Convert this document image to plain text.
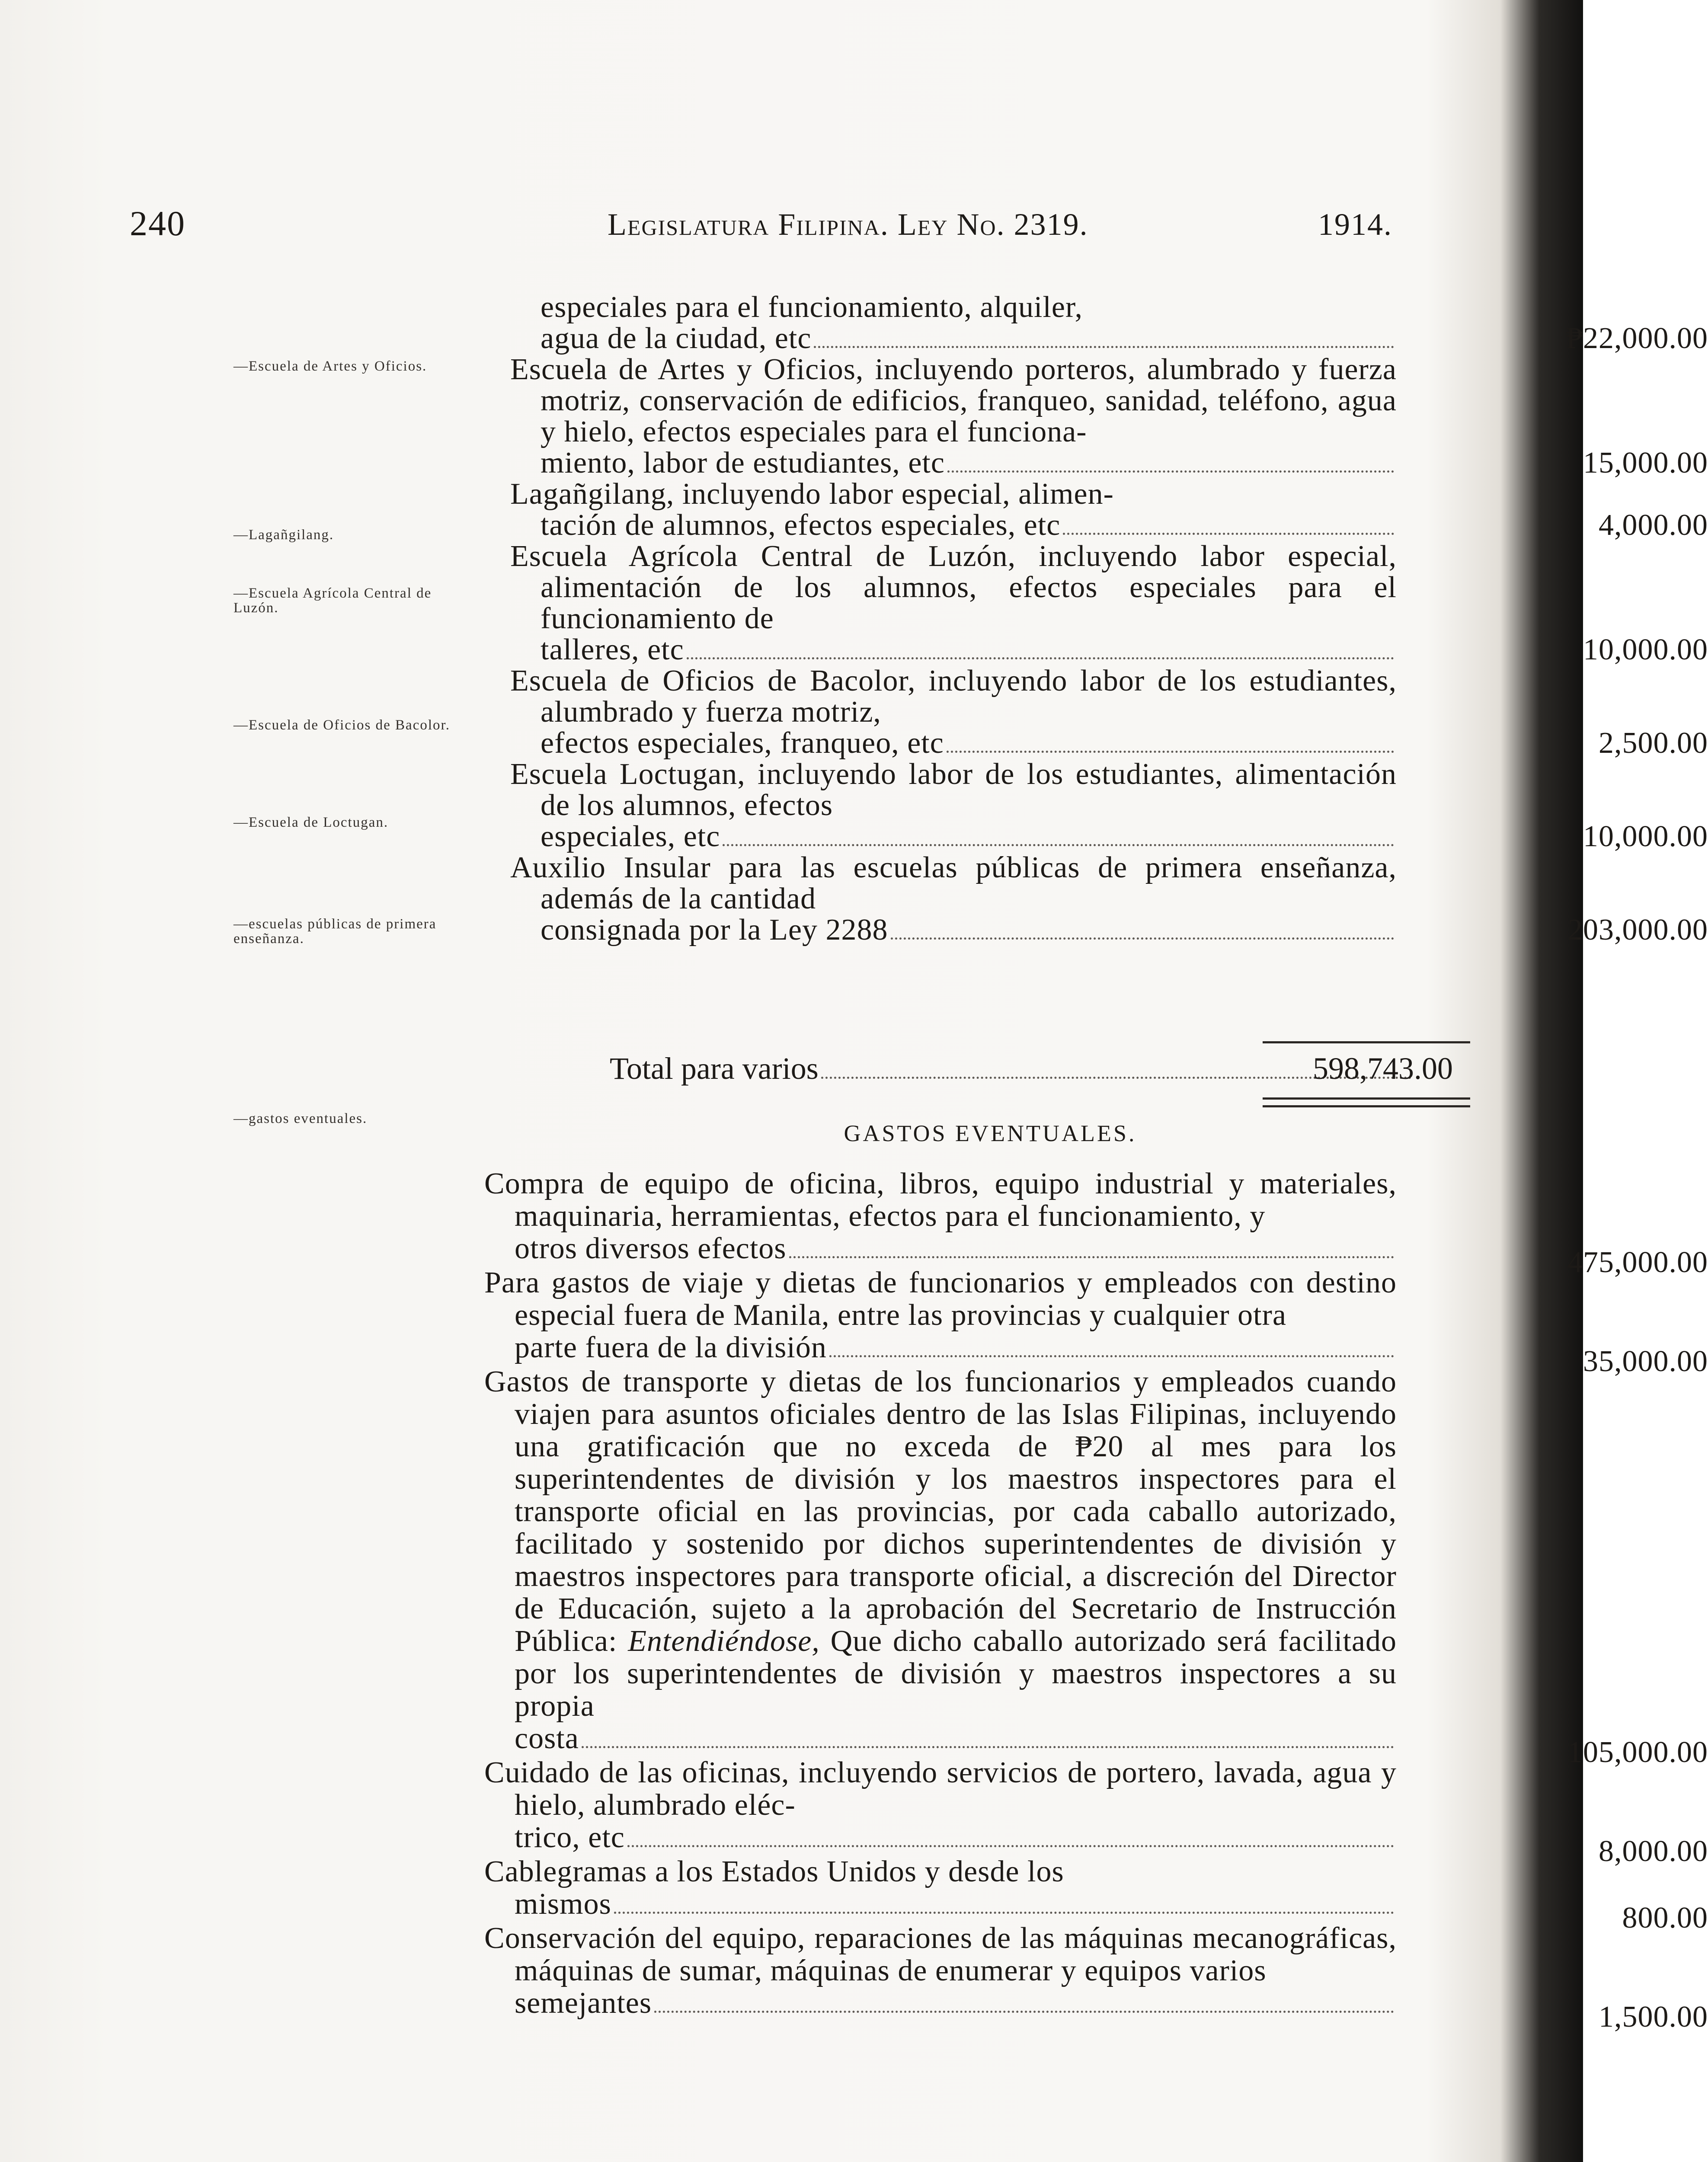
240	Legislatura Filipina. Ley No. 2319.	1914.
—Escuela de Artes y Oficios.
—Lagañgilang.
—Escuela Agrícola Central de Luzón.
—Escuela de Oficios de Bacolor.
—Escuela de Loctugan.
—escuelas públicas de primera enseñanza.
—gastos eventuales.
especiales para el funcionamiento, alquiler,
agua de la ciudad, etc	₱22,000.00
Escuela de Artes y Oficios, incluyendo porteros, alumbrado y fuerza motriz, conservación de edificios, franqueo, sanidad, teléfono, agua y hielo, efectos especiales para el funciona-
miento, labor de estudiantes, etc	15,000.00
Lagañgilang, incluyendo labor especial, alimen-
tación de alumnos, efectos especiales, etc	4,000.00
Escuela Agrícola Central de Luzón, incluyendo labor especial, alimentación de los alumnos, efectos especiales para el funcionamiento de
talleres, etc	10,000.00
Escuela de Oficios de Bacolor, incluyendo labor de los estudiantes, alumbrado y fuerza motriz,
efectos especiales, franqueo, etc	2,500.00
Escuela Loctugan, incluyendo labor de los estudiantes, alimentación de los alumnos, efectos
especiales, etc	10,000.00
Auxilio Insular para las escuelas públicas de primera enseñanza, además de la cantidad
consignada por la Ley 2288	203,000.00
Total para varios	598,743.00
GASTOS EVENTUALES.
Compra de equipo de oficina, libros, equipo industrial y materiales, maquinaria, herramientas, efectos para el funcionamiento, y
otros diversos efectos	475,000.00
Para gastos de viaje y dietas de funcionarios y empleados con destino especial fuera de Manila, entre las provincias y cualquier otra
parte fuera de la división	35,000.00
Gastos de transporte y dietas de los funcionarios y empleados cuando viajen para asuntos oficiales dentro de las Islas Filipinas, incluyendo una gratificación que no exceda de ₱20 al mes para los superintendentes de división y los maestros inspectores para el transporte oficial en las provincias, por cada caballo autorizado, facilitado y sostenido por dichos superintendentes de división y maestros inspectores para transporte oficial, a discreción del Director de Educación, sujeto a la aprobación del Secretario de Instrucción Pública: Entendiéndose, Que dicho caballo autorizado será facilitado por los superintendentes de división y maestros inspectores a su propia
costa	105,000.00
Cuidado de las oficinas, incluyendo servicios de portero, lavada, agua y hielo, alumbrado eléc-
trico, etc	8,000.00
Cablegramas a los Estados Unidos y desde los
mismos	800.00
Conservación del equipo, reparaciones de las máquinas mecanográficas, máquinas de sumar, máquinas de enumerar y equipos varios
semejantes	1,500.00
